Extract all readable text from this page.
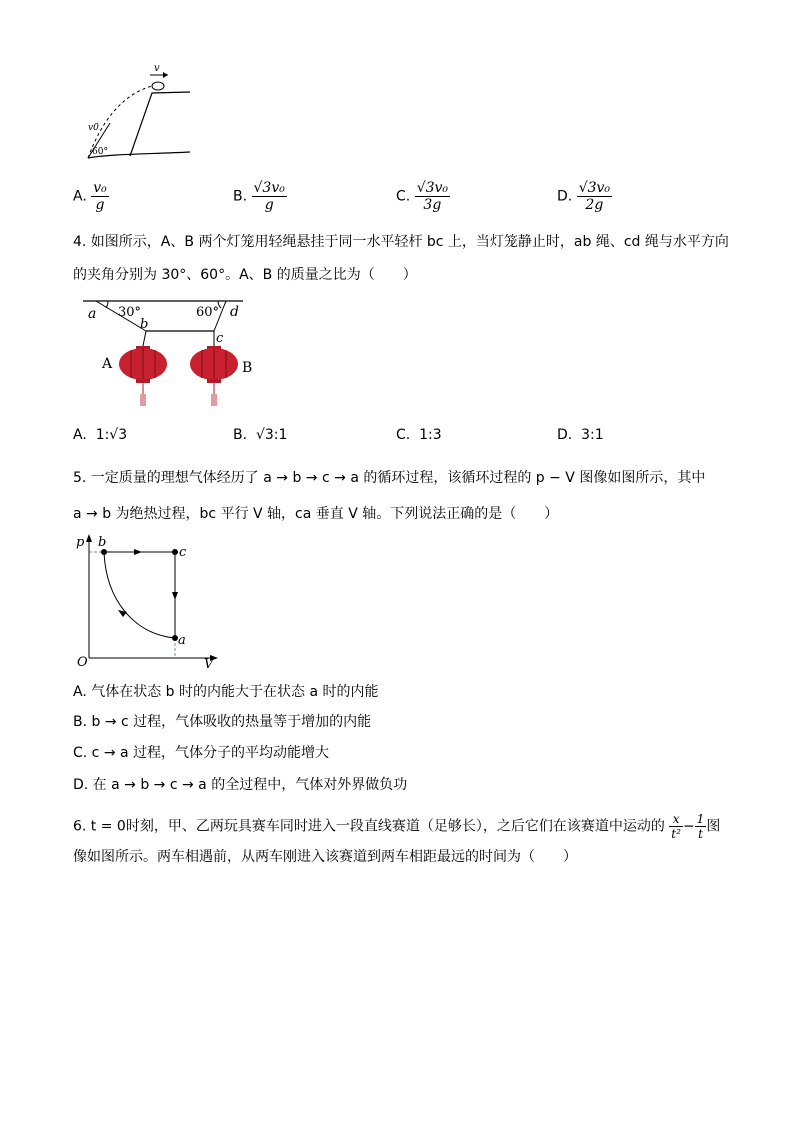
v
v0
60°
A. $\frac{\text{v₀}}{g}$	B. $\frac{\text{√3v₀}}{g}$	C. $\frac{\text{√3v₀}}{3g}$	D. $\frac{\text{√3v₀}}{2g}$
4. 如图所示，A、B 两个灯笼用轻绳悬挂于同一水平轻杆 bc 上，当灯笼静止时，ab 绳、cd 绳与水平方向
的夹角分别为 30°、60°。A、B 的质量之比为（　　）
a 30°	60° d
b
c
A	B
A. 1:√3	B. √3:1	C. 1:3	D. 3:1
5. 一定质量的理想气体经历了 a → b → c → a 的循环过程，该循环过程的 p − V 图像如图所示，其中
a → b 为绝热过程，bc 平行 V 轴，ca 垂直 V 轴。下列说法正确的是（　　）
p
V
O
b
c
a
A. 气体在状态 b 时的内能大于在状态 a 时的内能
B. b → c 过程，气体吸收的热量等于增加的内能
C. c → a 过程，气体分子的平均动能增大
D. 在 a → b → c → a 的全过程中，气体对外界做负功
6. t = 0时刻，甲、乙两玩具赛车同时进入一段直线赛道（足够长），之后它们在该赛道中运动的 $\frac{x}{\text{t²}} - \frac{1}{t}$ 图
像如图所示。两车相遇前，从两车刚进入该赛道到两车相距最远的时间为（　　）
